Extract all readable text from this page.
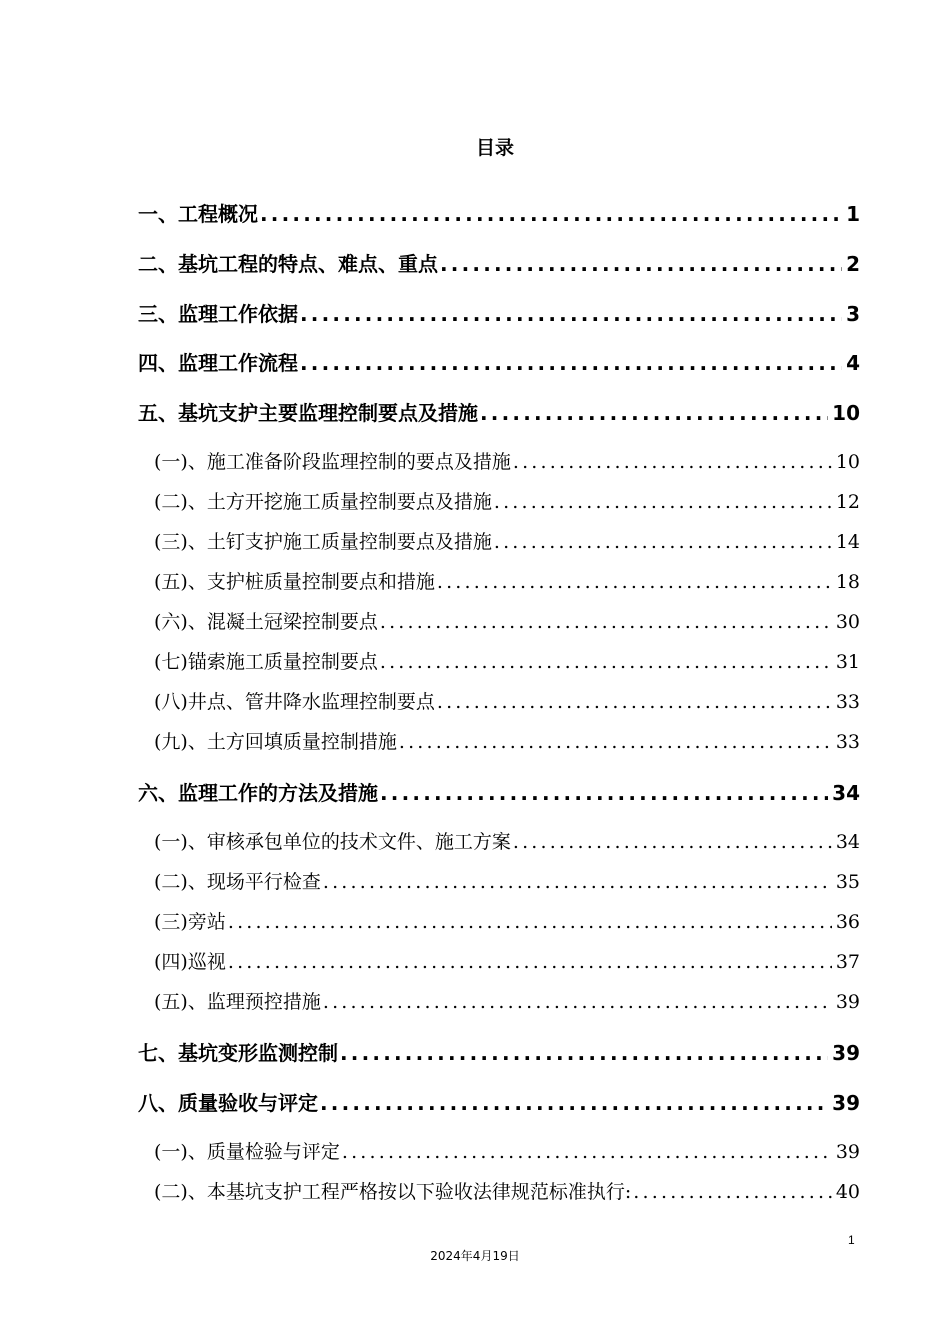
目录
一、工程概况 .....	1
二、基坑工程的特点、难点、重点 .....	2
三、监理工作依据 .....	3
四、监理工作流程 .....	4
五、基坑支护主要监理控制要点及措施 .....	10
(一)、施工准备阶段监理控制的要点及措施 .....	10
(二)、土方开挖施工质量控制要点及措施 .....	12
(三)、土钉支护施工质量控制要点及措施 .....	14
(五)、支护桩质量控制要点和措施 .....	18
(六)、混凝土冠梁控制要点 .....	30
(七)锚索施工质量控制要点 .....	31
(八)井点、管井降水监理控制要点 .....	33
(九)、土方回填质量控制措施 .....	33
六、监理工作的方法及措施 .....	34
(一)、审核承包单位的技术文件、施工方案 .....	34
(二)、现场平行检查 .....	35
(三)旁站 .....	36
(四)巡视 .....	37
(五)、监理预控措施 .....	39
七、基坑变形监测控制 .....	39
八、质量验收与评定 .....	39
(一)、质量检验与评定 .....	39
(二)、本基坑支护工程严格按以下验收法律规范标准执行: .....	40
1
2024年4月19日
